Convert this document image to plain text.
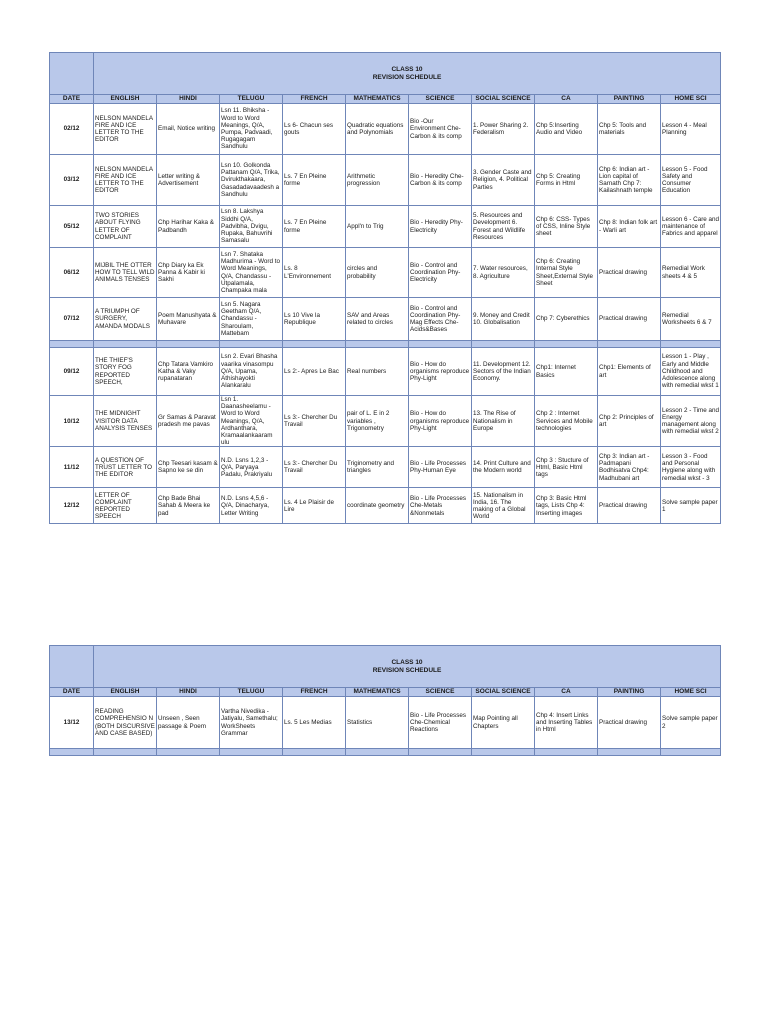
	CLASS 10
REVISION SCHEDULE									

DATE	ENGLISH	HINDI	TELUGU	FRENCH	MATHEMATICS	SCIENCE	SOCIAL SCIENCE	CA	PAINTING	HOME SCI
02/12	NELSON MANDELA FIRE AND ICE LETTER TO THE EDITOR	Email, Notice writing	Lsn 11. Bhiksha - Word to Word Meanings, Q/A, Pumpa, Padvaadi, Rugagagam Sandhulu	Ls 6- Chacun ses gouts	Quadratic equations and Polynomials	Bio -Our Environment Che-Carbon & its comp	1. Power Sharing 2. Federalism	Chp 5:Inserting Audio and Video	Chp 5: Tools and materials	Lesson 4 - Meal Planning
03/12	NELSON MANDELA FIRE AND ICE LETTER TO THE EDITOR	Letter writing & Advertisement	Lsn 10. Golkonda Pattanam Q/A, Trika, Dvirukthakaara, Gasadadavaadesh a Sandhulu	Ls. 7 En Pleine forme	Arithmetic progression	Bio - Heredity Che-Carbon & its comp	3. Gender Caste and Religion, 4. Political Parties	Chp 5: Creating Forms in Html	Chp 6: Indian art - Lion capital of Sarnath Chp 7: Kailashnath temple	Lesson 5 - Food Safety and Consumer Education
05/12	TWO STORIES ABOUT FLYING LETTER OF COMPLAINT	Chp Harihar Kaka & Padbandh	Lsn 8. Lakshya Siddhi Q/A, Padvibha, Dvigu, Rupaka, Bahuvrihi Samasalu	Ls. 7 En Pleine forme	Appl'n to Trig	Bio - Heredity Phy-Electricity	5. Resources and Development 6. Forest and Wildlife Resources	Chp 6: CSS- Types of CSS, Inline Style sheet	Chp 8: Indian folk art - Warli art	Lesson 6 - Care and maintenance of Fabrics and apparel
06/12	MIJBIL THE OTTER HOW TO TELL WILD ANIMALS TENSES	Chp Diary ka Ek Panna & Kabir ki Sakhi	Lsn 7. Shataka Madhurima - Word to Word Meanings, Q/A, Chandassu - Utpalamala, Champaka mala	Ls. 8 L'Environnement	circles and probability	Bio - Control and Coordination Phy-Electricity	7. Water resources, 8. Agriculture	Chp 6: Creating Internal Style Sheet,External Style Sheet	Practical drawing	Remedial Work sheets 4 & 5
07/12	A TRIUMPH OF SURGERY, AMANDA MODALS	Poem Manushyata & Muhavare	Lsn 5. Nagara Geetham Q/A, Chandassu - Sharoulam, Mattebam	Ls 10 Vive la Republique	SAV and Areas related to circles	Bio - Control and Coordination Phy-Mag Effects Che-Acids&Bases	9. Money and Credit 10. Globalisation	Chp 7: Cyberethics	Practical drawing	Remedial Worksheets 6 & 7

09/12	THE THIEF'S STORY FOG REPORTED SPEECH,	Chp Tatara Vamkiro Katha & Vaky rupanataran	Lsn 2. Evari Bhasha vaarika vinasompu Q/A, Upama, Athishayokti Alankaralu	Ls 2:- Apres Le Bac	Real numbers	Bio - How do organisms reproduce Phy-Light	11. Development 12. Sectors of the Indian Economy.	Chp1: Internet Basics	Chp1: Elements of art	Lesson 1 - Play , Early and Middle Childhood and Adolescence along with remedial wkst 1
10/12	THE MIDNIGHT VISITOR DATA ANALYSIS TENSES	Gr Samas & Paravat pradesh me pavas	Lsn 1. Daanasheelamu - Word to Word Meanings, Q/A, Ardhanthara, Kramaalankaaram ulu	Ls 3:- Chercher Du Travail	pair of L. E in 2 variables , Trigonometry	Bio - How do organisms reproduce Phy-Light	13. The Rise of Nationalism in Europe	Chp 2 : Internet Services and Mobile technologies	Chp 2: Principles of art	Lesson 2 - Time and Energy management along with remedial wkst 2
11/12	A QUESTION OF TRUST LETTER TO THE EDITOR	Chp Teesari kasam & Sapno ke se din	N.D. Lsns 1,2,3 - Q/A, Paryaya Padalu, Prakriyalu	Ls 3:- Chercher Du Travail	Triginometry and triangles	Bio - Life Processes Phy-Human Eye	14. Print Culture and the Modern world	Chp 3 : Stucture of Html, Basic Html tags	Chp 3: Indian art - Padmapani Bodhisatva Chp4: Madhubani art	Lesson 3 - Food and Personal Hygiene along with remedial wkst - 3
12/12	LETTER OF COMPLAINT REPORTED SPEECH	Chp Bade Bhai Sahab & Meera ke pad	N.D. Lsns 4,5,6 - Q/A, Dinacharya, Letter Writing	Ls. 4 Le Plaisir de Lire	coordinate geometry	Bio - Life Processes Che-Metals &Nonmetals	15. Nationalism in India, 16. The making of a Global World	Chp 3: Basic Html tags, Lists Chp 4: Inserting images	Practical drawing	Solve sample paper 1

	CLASS 10
REVISION SCHEDULE									

DATE	ENGLISH	HINDI	TELUGU	FRENCH	MATHEMATICS	SCIENCE	SOCIAL SCIENCE	CA	PAINTING	HOME SCI
13/12	READING COMPREHENSIO N (BOTH DISCURSIVE AND CASE BASED)	Unseen , Seen passage & Poem	Vartha Nivedika - Jatiyalu, Samethalu; WorkSheets Grammar	Ls. 5 Les Medias	Statistics	Bio - Life Processes Che-Chemical Reactions	Map Pointing all Chapters	Chp 4: Insert Links and Inserting Tables in Html	Practical drawing	Solve sample paper 2
